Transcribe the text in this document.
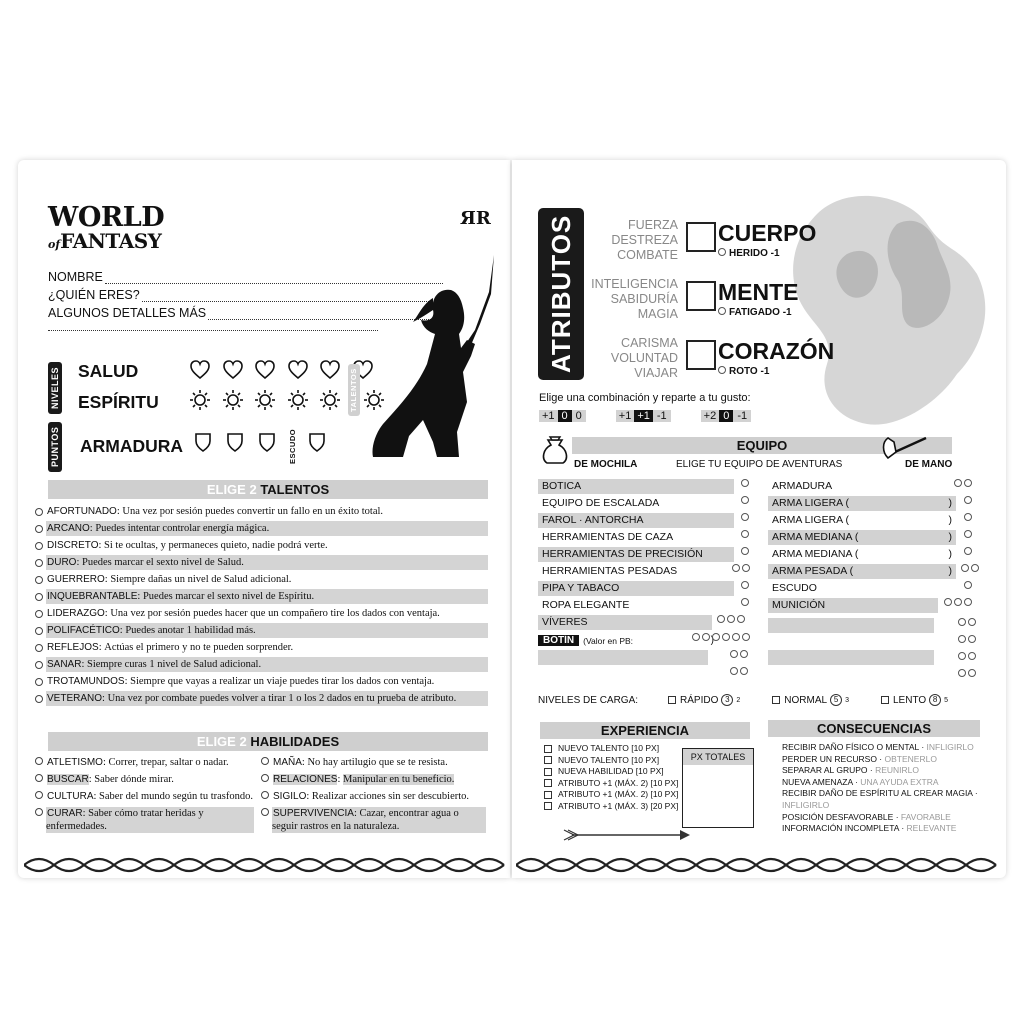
WORLD
ofFANTASY
ЯR
NOMBRE
¿QUIÉN ERES?
ALGUNOS DETALLES MÁS
NIVELES SALUD
ESPÍRITU	TALENTOS
PUNTOS ARMADURA	ESCUDO
ELIGE 2 TALENTOS
AFORTUNADO : Una vez por sesión puedes convertir un fallo en un éxito total.
ARCANO : Puedes intentar controlar energía mágica.
DISCRETO : Si te ocultas, y permaneces quieto, nadie podrá verte.
DURO : Puedes marcar el sexto nivel de Salud.
GUERRERO : Siempre dañas un nivel de Salud adicional.
INQUEBRANTABLE : Puedes marcar el sexto nivel de Espíritu.
LIDERAZGO : Una vez por sesión puedes hacer que un compañero tire los dados con ventaja.
POLIFACÉTICO : Puedes anotar 1 habilidad más.
REFLEJOS : Actúas el primero y no te pueden sorprender.
SANAR : Siempre curas 1 nivel de Salud adicional.
TROTAMUNDOS : Siempre que vayas a realizar un viaje puedes tirar los dados con ventaja.
VETERANO : Una vez por combate puedes volver a tirar 1 o los 2 dados en tu prueba de atributo.
ELIGE 2 HABILIDADES
ATLETISMO: Correr, trepar, saltar o nadar.
BUSCAR: Saber dónde mirar.
CULTURA: Saber del mundo según tu trasfondo.
CURAR: Saber cómo tratar heridas y enfermedades.
MAÑA: No hay artilugio que se te resista.
RELACIONES: Manipular en tu beneficio.
SIGILO: Realizar acciones sin ser descubierto.
SUPERVIVENCIA: Cazar, encontrar agua o seguir rastros en la naturaleza.
ATRIBUTOS	FUERZA
DESTREZA
COMBATE
CUERPO
HERIDO -1
INTELIGENCIA
SABIDURÍA
MAGIA
MENTE
FATIGADO -1
CARISMA
VOLUNTAD
VIAJAR
CORAZÓN
ROTO -1
Elige una combinación y reparte a tu gusto:
+1 0 0	+1 +1 -1	+2 0 -1
EQUIPO
DE MOCHILA	ELIGE TU EQUIPO DE AVENTURAS	DE MANO
BOTICA
EQUIPO DE ESCALADA
FAROL · ANTORCHA
HERRAMIENTAS DE CAZA
HERRAMIENTAS DE PRECISIÓN
HERRAMIENTAS PESADAS
PIPA Y TABACO
ROPA ELEGANTE
VÍVERES
BOTÍN	(Valor en PB:	)
ARMADURA
ARMA LIGERA (	)
ARMA LIGERA (	)
ARMA MEDIANA (	)
ARMA MEDIANA (	)
ARMA PESADA (	)
ESCUDO
MUNICIÓN
NIVELES DE CARGA:	RÁPIDO 3 2	NORMAL 5 3	LENTO 8 5
EXPERIENCIA
NUEVO TALENTO [10 PX]
NUEVO TALENTO [10 PX]
NUEVA HABILIDAD [10 PX]
ATRIBUTO +1 (MÁX. 2) [10 PX]
ATRIBUTO +1 (MÁX. 2) [10 PX]
ATRIBUTO +1 (MÁX. 3) [20 PX]
PX TOTALES
CONSECUENCIAS
RECIBIR DAÑO FÍSICO O MENTAL · INFLIGIRLO
PERDER UN RECURSO · OBTENERLO
SEPARAR AL GRUPO · REUNIRLO
NUEVA AMENAZA · UNA AYUDA EXTRA
RECIBIR DAÑO DE ESPÍRITU AL CREAR MAGIA · INFLIGIRLO
POSICIÓN DESFAVORABLE · FAVORABLE
INFORMACIÓN INCOMPLETA · RELEVANTE
